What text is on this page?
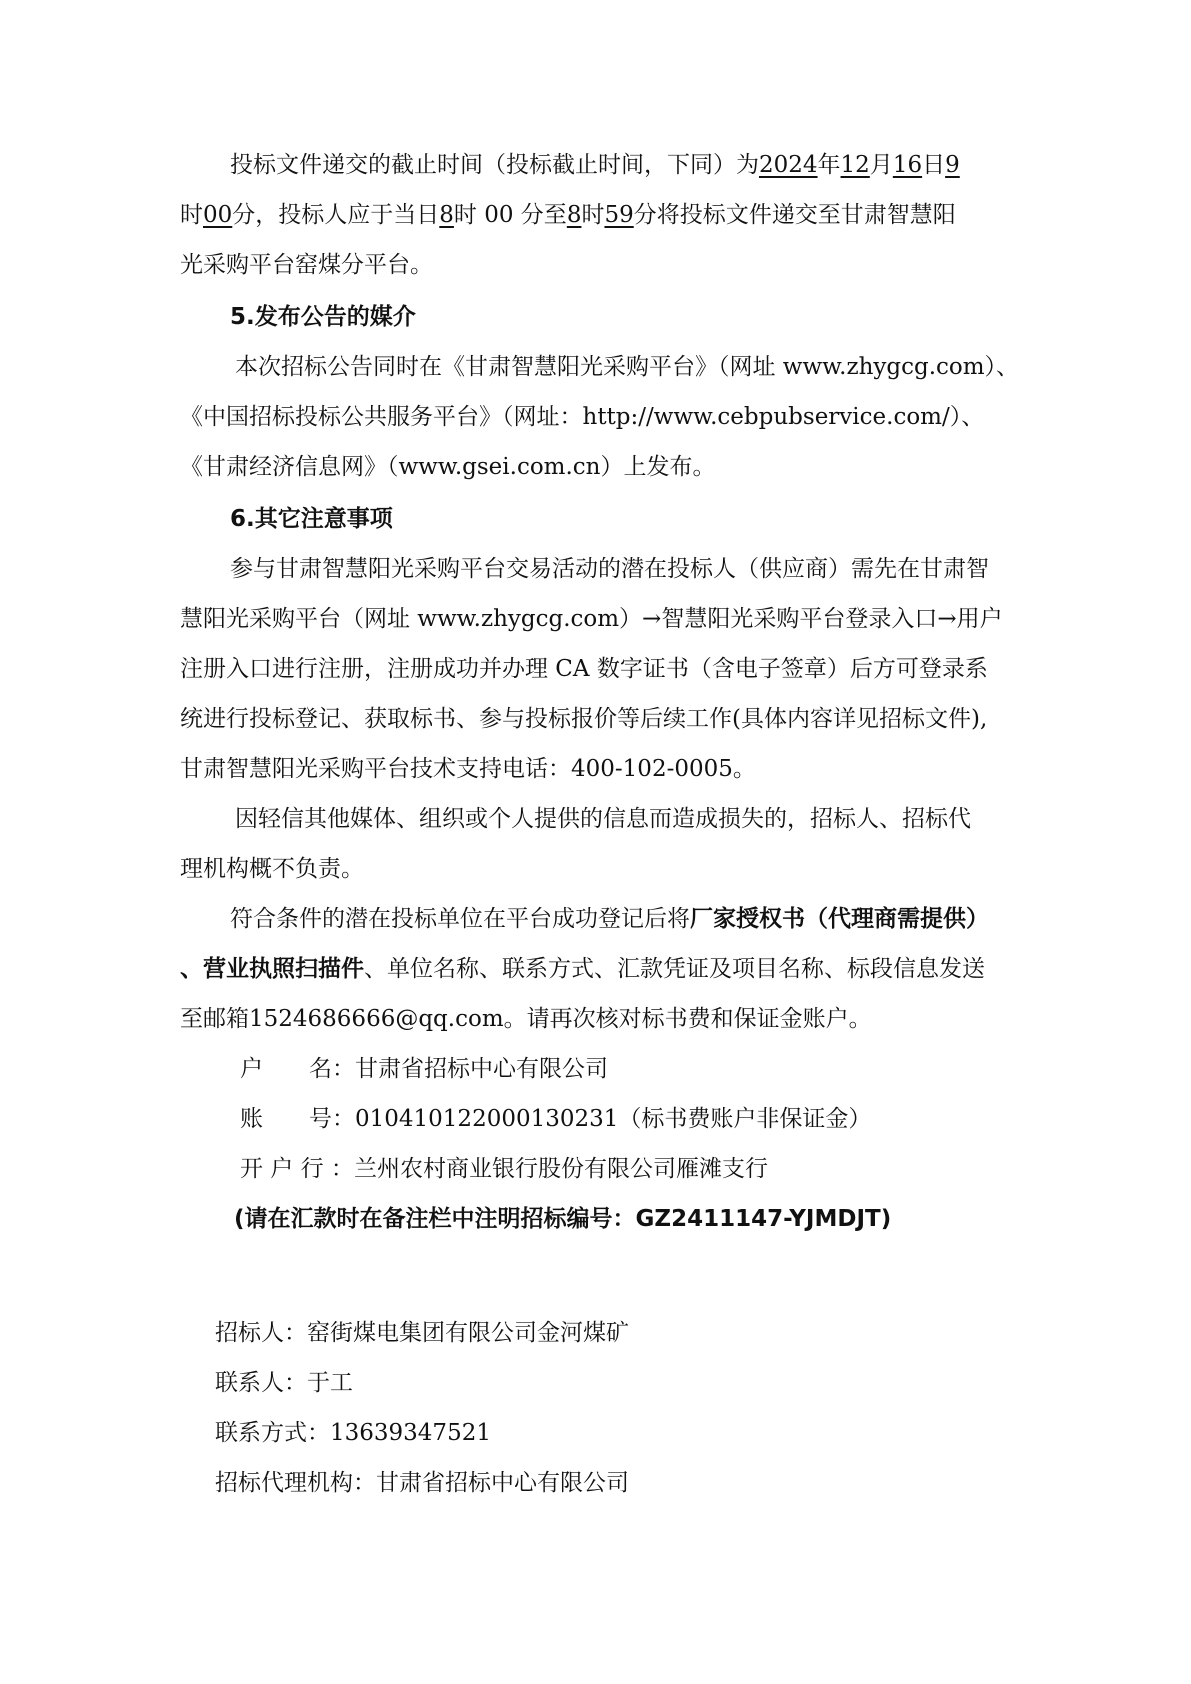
投标文件递交的截止时间（投标截止时间，下同）为2024年12月16日9
时00分，投标人应于当日8时 00 分至8时59分将投标文件递交至甘肃智慧阳
光采购平台窑煤分平台。
5.发布公告的媒介
本次招标公告同时在《甘肃智慧阳光采购平台》（网址 www.zhygcg.com）、
《中国招标投标公共服务平台》（网址：http://www.cebpubservice.com/）、
《甘肃经济信息网》（www.gsei.com.cn）上发布。
6.其它注意事项
参与甘肃智慧阳光采购平台交易活动的潜在投标人（供应商）需先在甘肃智
慧阳光采购平台（网址 www.zhygcg.com）→智慧阳光采购平台登录入口→用户
注册入口进行注册，注册成功并办理 CA 数字证书（含电子签章）后方可登录系
统进行投标登记、获取标书、参与投标报价等后续工作(具体内容详见招标文件),
甘肃智慧阳光采购平台技术支持电话：400-102-0005。
因轻信其他媒体、组织或个人提供的信息而造成损失的，招标人、招标代
理机构概不负责。
符合条件的潜在投标单位在平台成功登记后将厂家授权书（代理商需提供）
、营业执照扫描件、单位名称、联系方式、汇款凭证及项目名称、标段信息发送
至邮箱1524686666@qq.com。请再次核对标书费和保证金账户。
户 名：甘肃省招标中心有限公司
账 号：010410122000130231（标书费账户非保证金）
开 户 行 ：兰州农村商业银行股份有限公司雁滩支行
(请在汇款时在备注栏中注明招标编号：GZ2411147-YJMDJT)
招标人：窑街煤电集团有限公司金河煤矿
联系人：于工
联系方式：13639347521
招标代理机构：甘肃省招标中心有限公司
